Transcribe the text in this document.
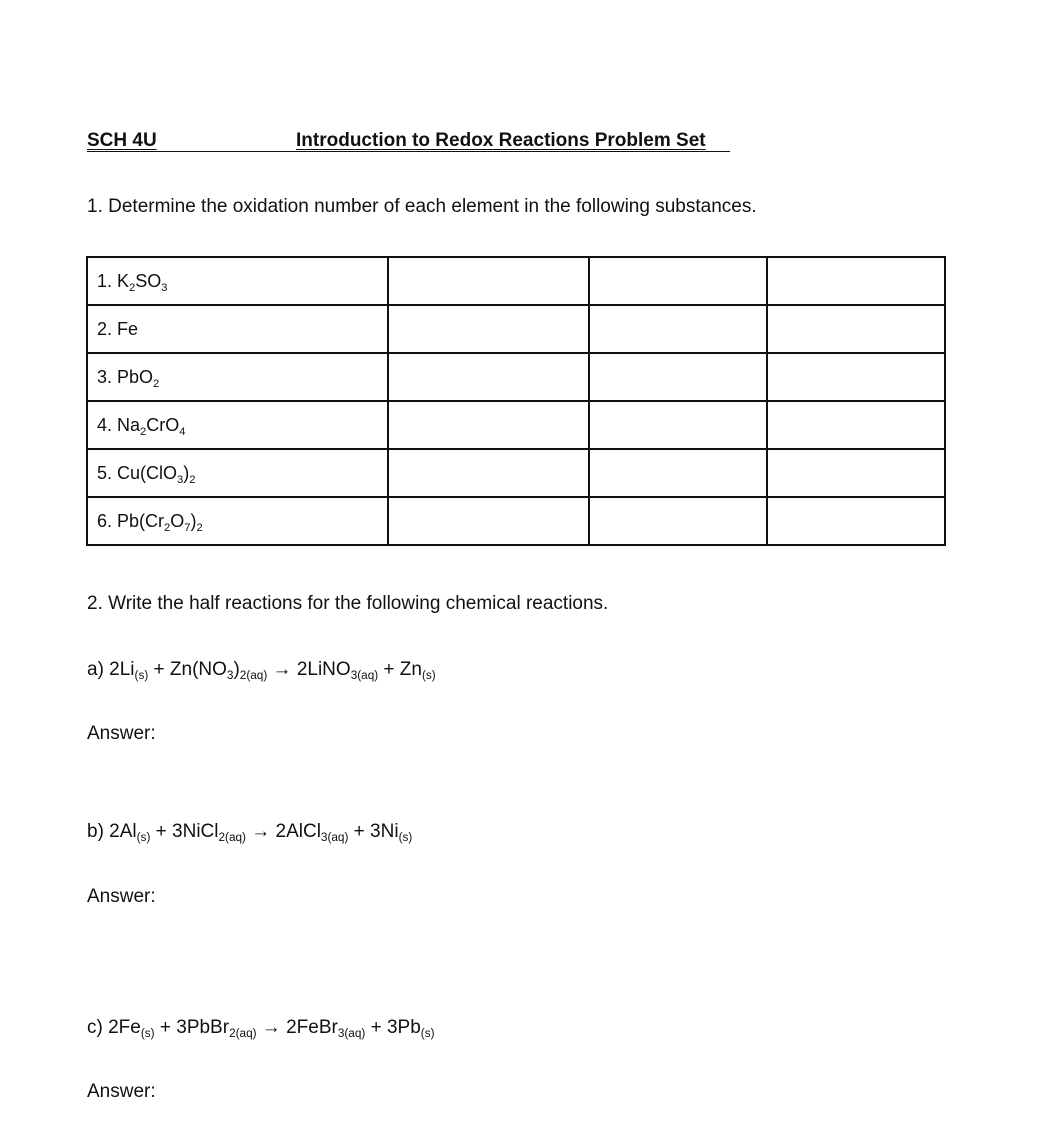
SCH 4U	Introduction to Redox Reactions Problem Set
1. Determine the oxidation number of each element in the following substances.
1. $K_2SO_3$			
2. Fe			
3. PbO$_2$			
4. $Na_2CrO_4$			
5. $Cu(ClO_3)_2$			
6. $Pb(Cr_2O_7)_2$			
2. Write the half reactions for the following chemical reactions.
a) $2Li_{(s)} + Zn(NO_3)_{2(aq)}$ → 2LiNO$_{3(aq)}$ + $Zn_{(s)}$
Answer:
b) $2Al_{(s)}$ + 3NiCl$_{2(aq)}$ → 2AlCl$_{3(aq)}$ + $3Ni_{(s)}$
Answer:
c) $2Fe_{(s)}$ + 3PbBr$_{2(aq)}$ → 2FeBr$_{3(aq)}$ + $3Pb_{(s)}$
Answer:
